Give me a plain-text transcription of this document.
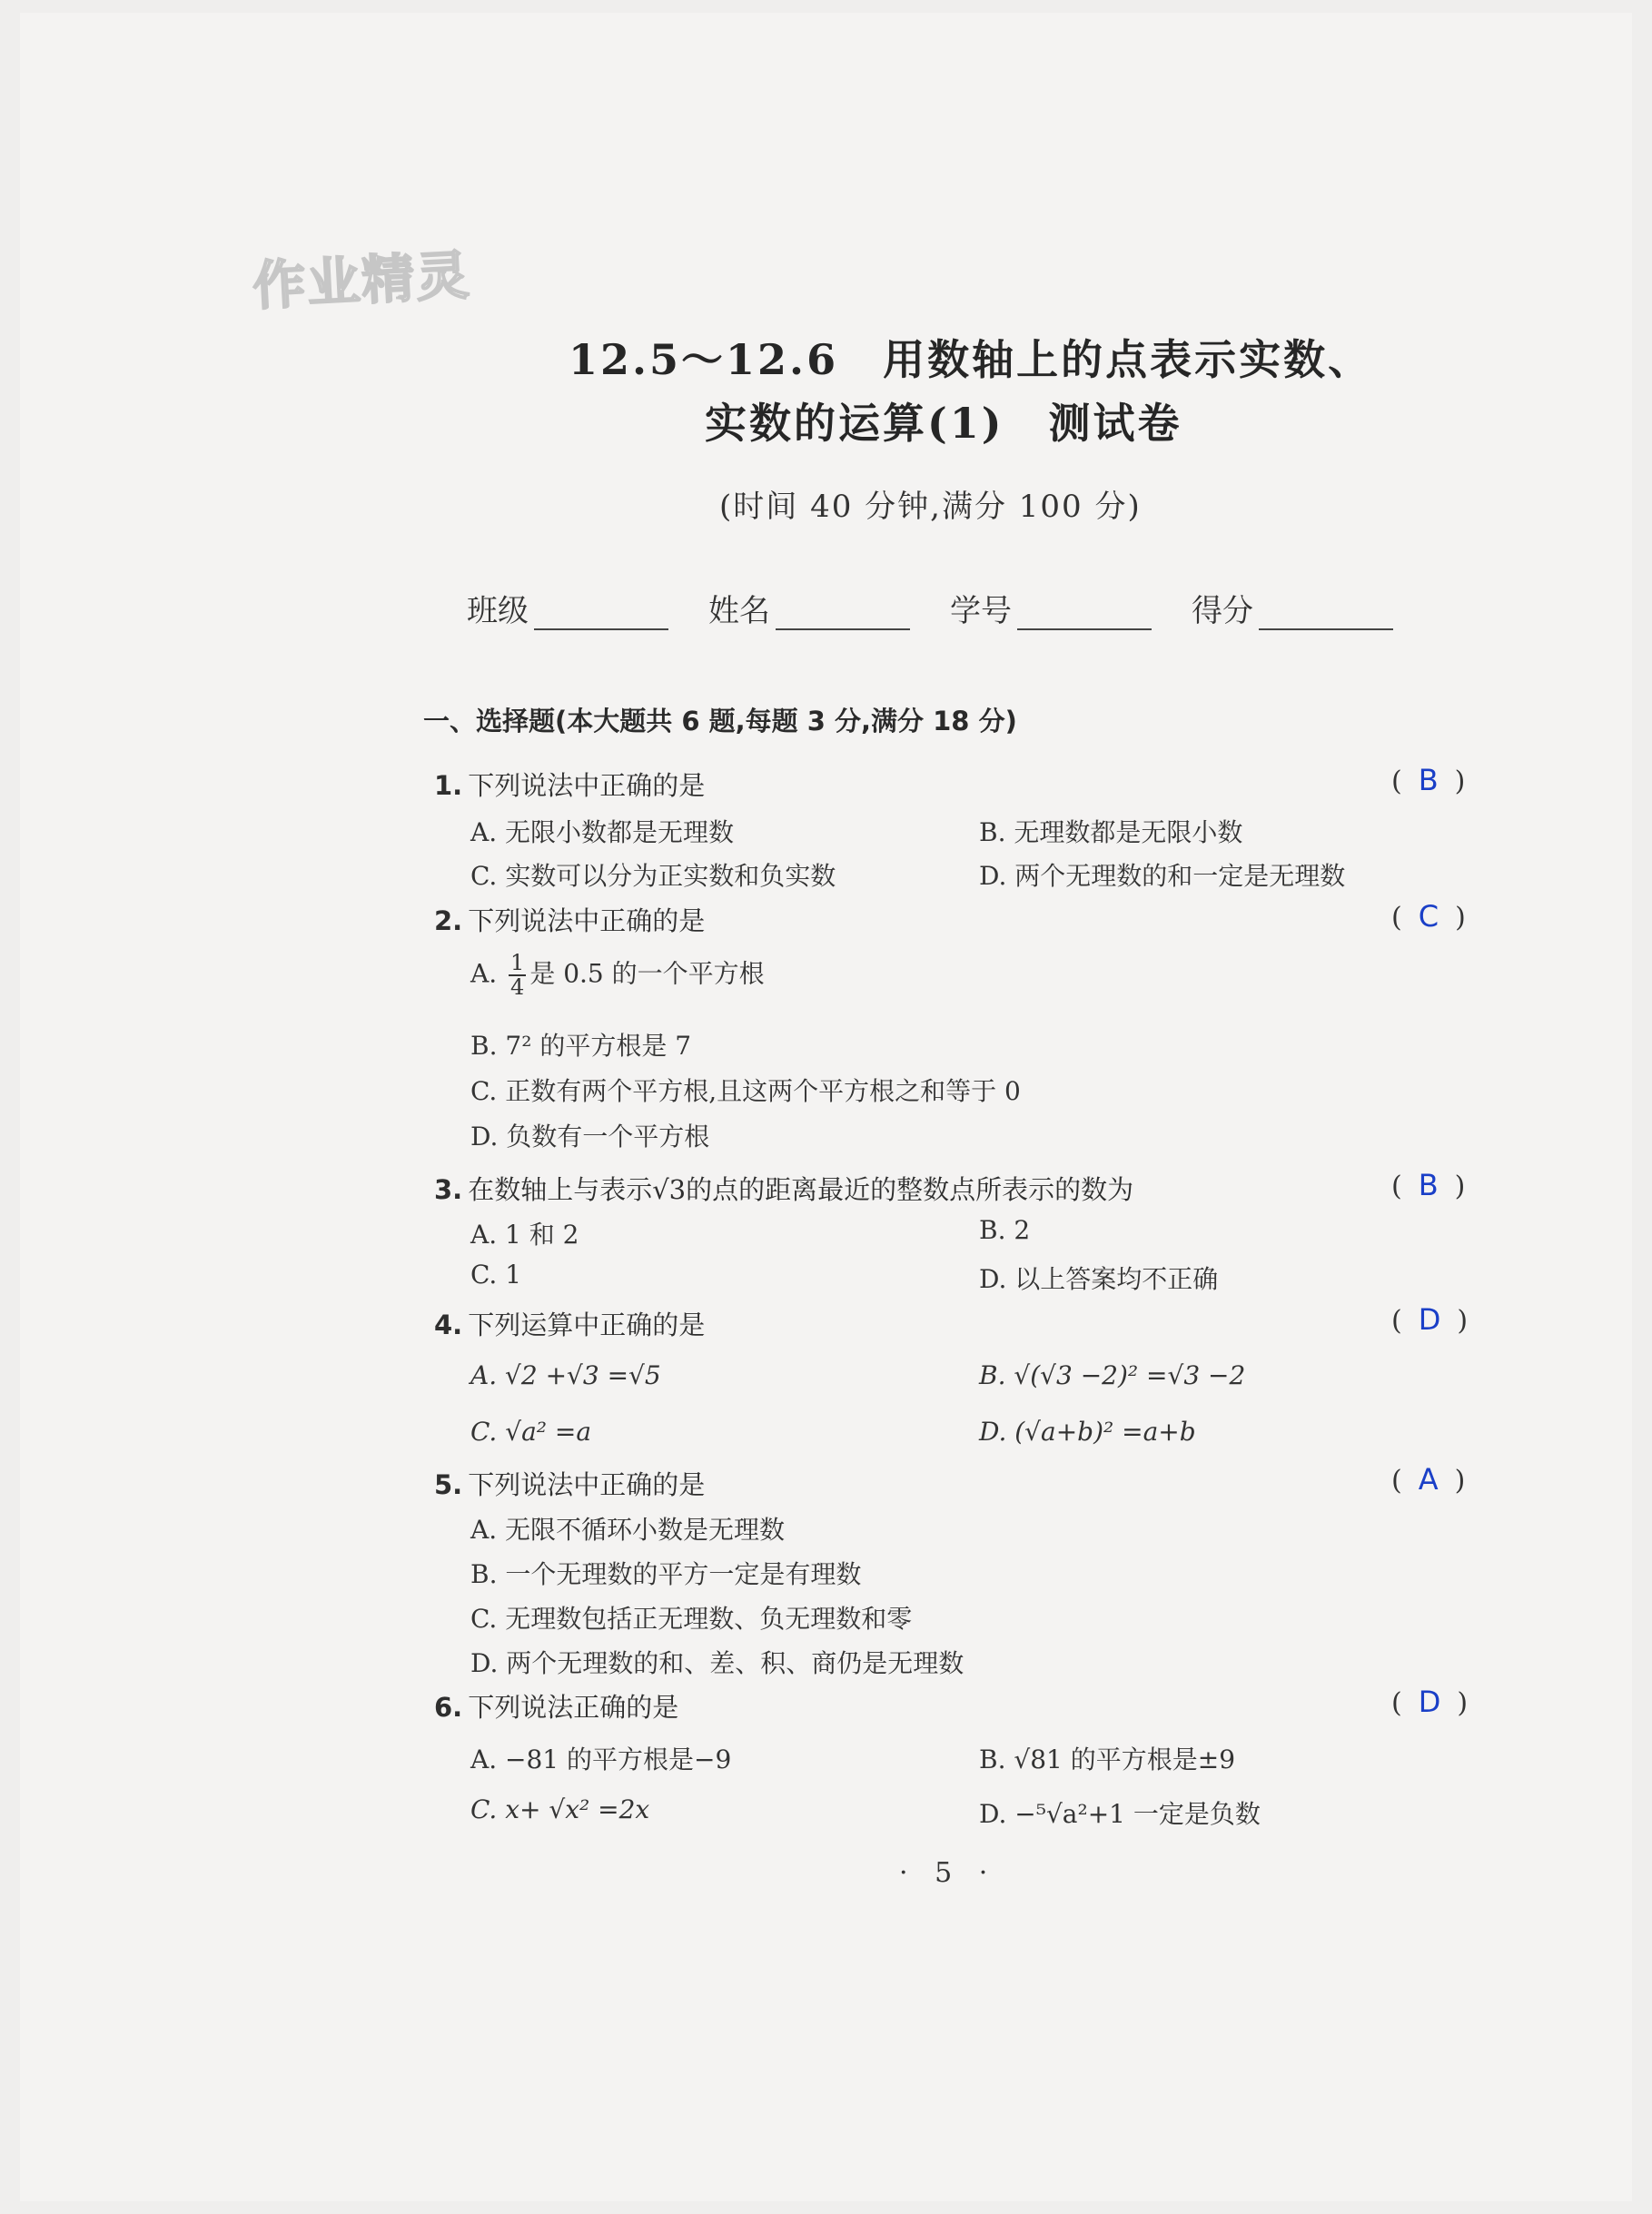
作业精灵
12.5～12.6　用数轴上的点表示实数、
实数的运算(1)　测试卷
(时间 40 分钟,满分 100 分)
班级	姓名	学号	得分
一、选择题(本大题共 6 题,每题 3 分,满分 18 分)
1. 下列说法中正确的是	( B )
A. 无限小数都是无理数	B. 无理数都是无限小数
C. 实数可以分为正实数和负实数	D. 两个无理数的和一定是无理数
2. 下列说法中正确的是	( C )
A. $\frac{1}{4}$ 是 0.5 的一个平方根
B. 7² 的平方根是 7
C. 正数有两个平方根,且这两个平方根之和等于 0
D. 负数有一个平方根
3. 在数轴上与表示√3的点的距离最近的整数点所表示的数为	( B )
A. 1 和 2	B. 2
C. 1	D. 以上答案均不正确
4. 下列运算中正确的是	( D )
A. √2 +√3 =√5	B. √(√3 −2)² =√3 −2
C. √a² =a	D. (√a+b)² =a+b
5. 下列说法中正确的是	( A )
A. 无限不循环小数是无理数
B. 一个无理数的平方一定是有理数
C. 无理数包括正无理数、负无理数和零
D. 两个无理数的和、差、积、商仍是无理数
6. 下列说法正确的是	( D )
A. −81 的平方根是−9	B. √81 的平方根是±9
C. x+ √x² =2x	D. −⁵√a²+1 一定是负数
· 5 ·
